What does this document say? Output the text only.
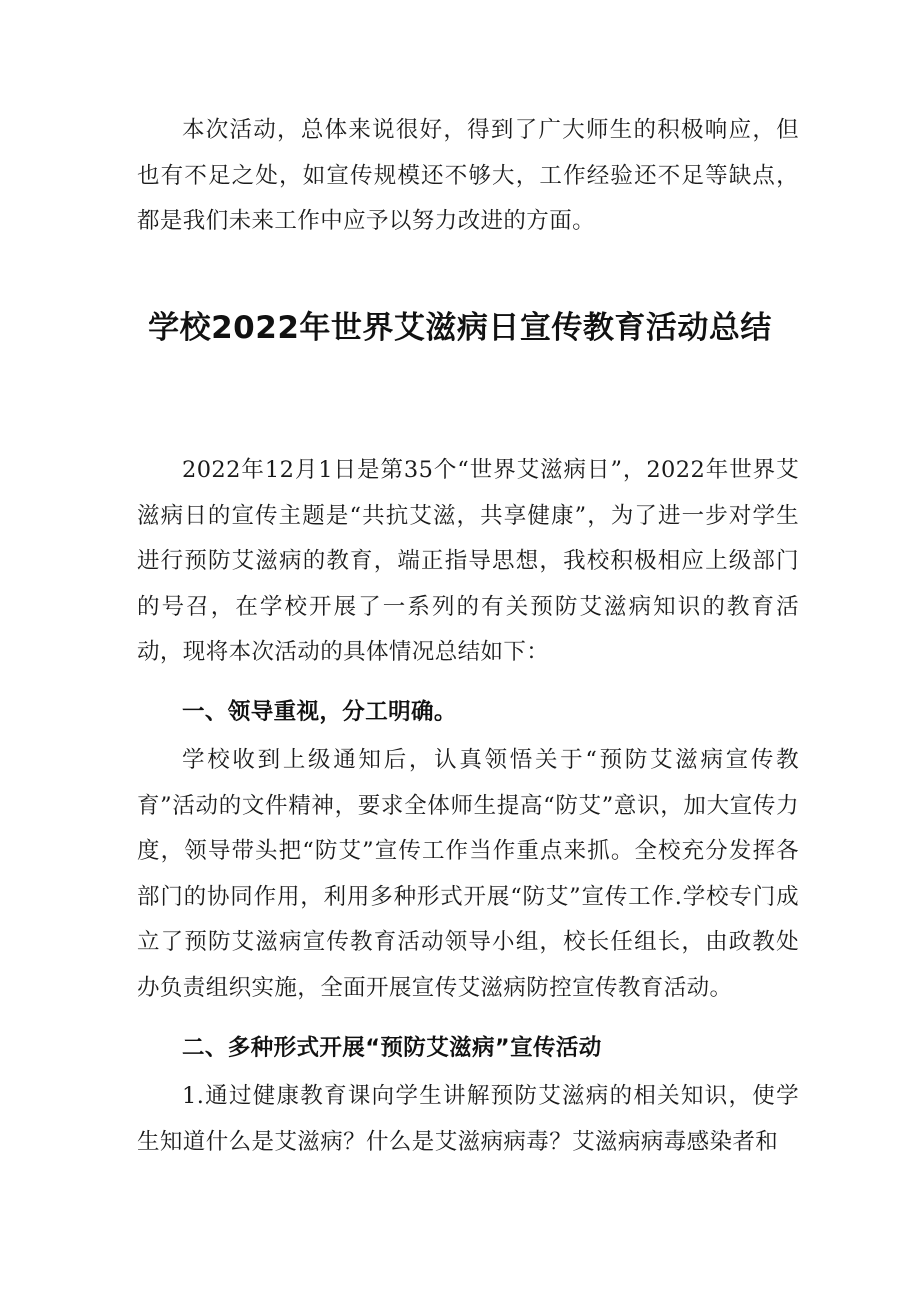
本次活动，总体来说很好，得到了广大师生的积极响应，但也有不足之处，如宣传规模还不够大，工作经验还不足等缺点，都是我们未来工作中应予以努力改进的方面。

学校2022年世界艾滋病日宣传教育活动总结

2022年12月1日是第35个“世界艾滋病日”，2022年世界艾滋病日的宣传主题是“共抗艾滋，共享健康”，为了进一步对学生进行预防艾滋病的教育，端正指导思想，我校积极相应上级部门的号召，在学校开展了一系列的有关预防艾滋病知识的教育活动，现将本次活动的具体情况总结如下：

一、领导重视，分工明确。

学校收到上级通知后，认真领悟关于“预防艾滋病宣传教育”活动的文件精神，要求全体师生提高“防艾”意识，加大宣传力度，领导带头把“防艾”宣传工作当作重点来抓。全校充分发挥各部门的协同作用，利用多种形式开展“防艾”宣传工作.学校专门成立了预防艾滋病宣传教育活动领导小组，校长任组长，由政教处办负责组织实施，全面开展宣传艾滋病防控宣传教育活动。

二、多种形式开展“预防艾滋病”宣传活动

1.通过健康教育课向学生讲解预防艾滋病的相关知识，使学生知道什么是艾滋病？什么是艾滋病病毒？艾滋病病毒感染者和
